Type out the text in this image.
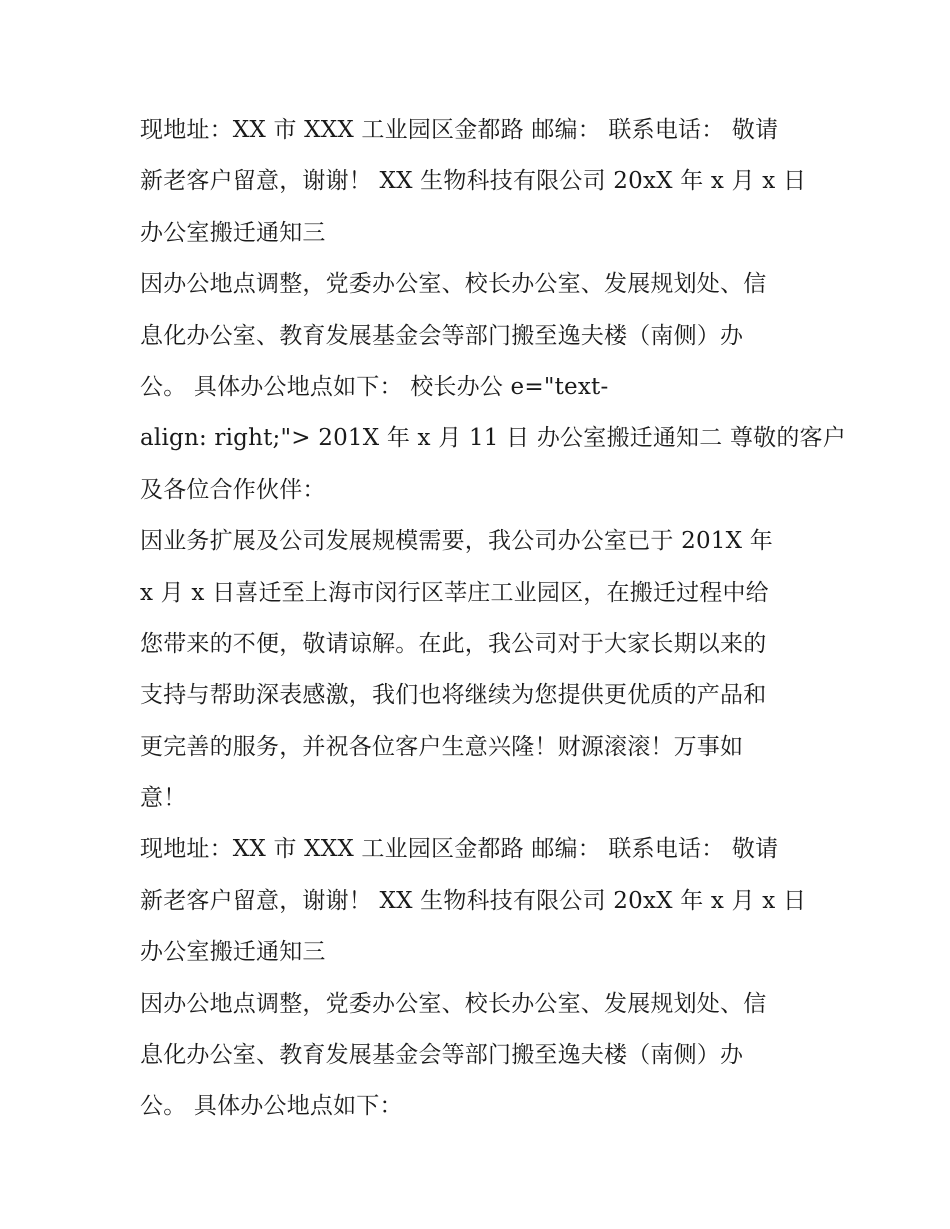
现地址：XX 市 XXX 工业园区金都路 邮编： 联系电话： 敬请
新老客户留意，谢谢！ XX 生物科技有限公司 20xX 年 x 月 x 日
办公室搬迁通知三
因办公地点调整，党委办公室、校长办公室、发展规划处、信
息化办公室、教育发展基金会等部门搬至逸夫楼（南侧）办
公。 具体办公地点如下： 校长办公 e="text-
align: right;"> 201X 年 x 月 11 日 办公室搬迁通知二 尊敬的客户
及各位合作伙伴：
因业务扩展及公司发展规模需要，我公司办公室已于 201X 年
x 月 x 日喜迁至上海市闵行区莘庄工业园区，在搬迁过程中给
您带来的不便，敬请谅解。在此，我公司对于大家长期以来的
支持与帮助深表感激，我们也将继续为您提供更优质的产品和
更完善的服务，并祝各位客户生意兴隆！财源滚滚！万事如
意！
现地址：XX 市 XXX 工业园区金都路 邮编： 联系电话： 敬请
新老客户留意，谢谢！ XX 生物科技有限公司 20xX 年 x 月 x 日
办公室搬迁通知三
因办公地点调整，党委办公室、校长办公室、发展规划处、信
息化办公室、教育发展基金会等部门搬至逸夫楼（南侧）办
公。 具体办公地点如下：
